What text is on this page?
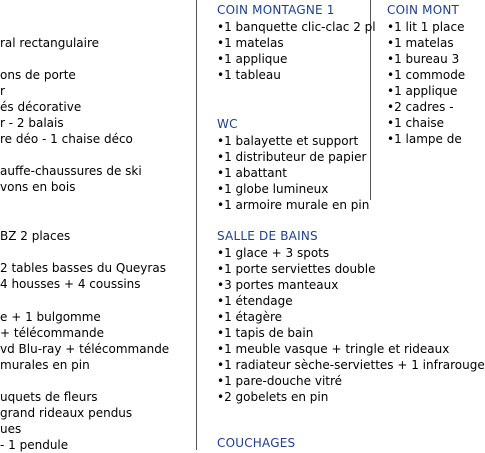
ral rectangulaire
ons de porte
r
és décorative
r - 2 balais
re déo - 1 chaise déco
auffe-chaussures de ski
vons en bois
BZ 2 places
2 tables basses du Queyras
4 housses + 4 coussins
e + 1 bulgomme
+ télécommande
vd Blu-ray + télécommande
murales en pin
uquets de fleurs
grand rideaux pendus
ues
- 1 pendule
COIN MONTAGNE 1
•1 banquette clic-clac 2 pl
•1 matelas
•1 applique
•1 tableau
COIN MONT
•1 lit 1 place
•1 matelas
•1 bureau 3
•1 commode
•1 applique
•2 cadres -
•1 chaise
•1 lampe de
WC
•1 balayette et support
•1 distributeur de papier
•1 abattant
•1 globe lumineux
•1 armoire murale en pin
SALLE DE BAINS
•1 glace + 3 spots
•1 porte serviettes double
•3 portes manteaux
•1 étendage
•1 étagère
•1 tapis de bain
•1 meuble vasque + tringle et rideaux
•1 radiateur sèche-serviettes + 1 infrarouge
•1 pare-douche vitré
•2 gobelets en pin
COUCHAGES
